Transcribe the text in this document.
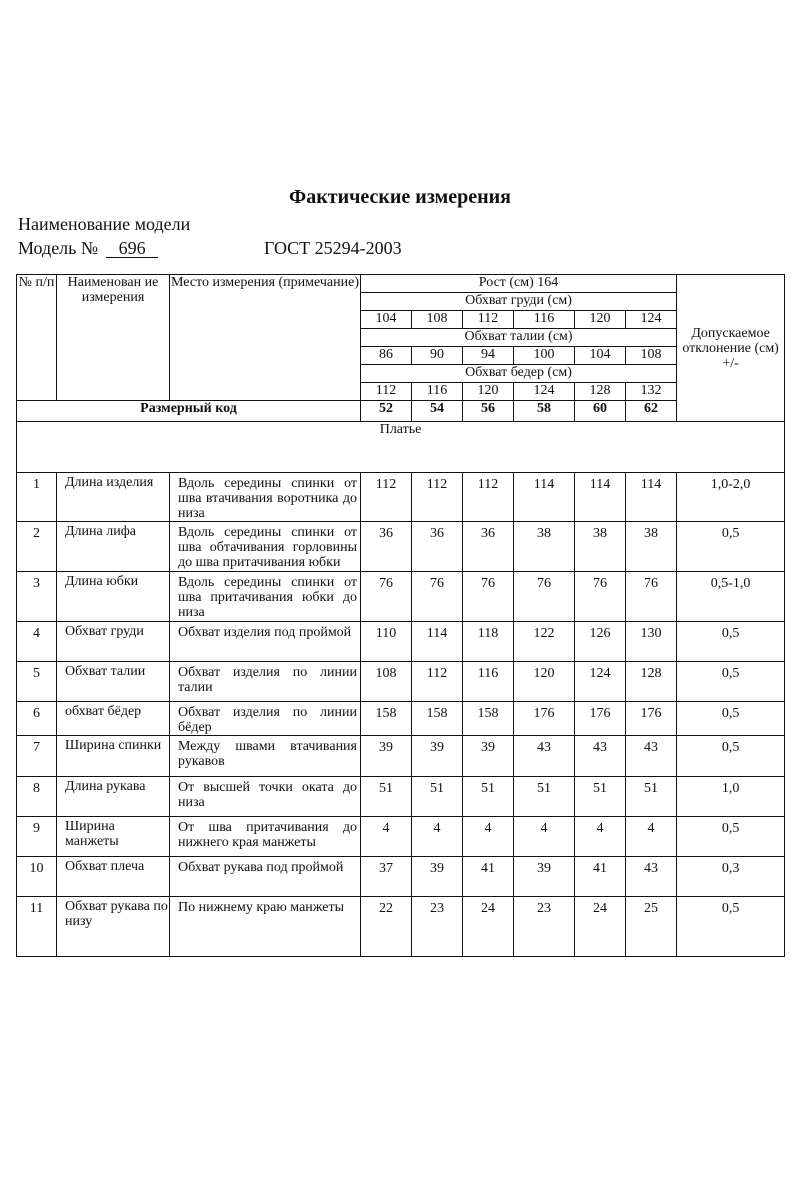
Фактические измерения
Наименование модели
Модель № 696	ГОСТ 25294-2003
№ п/п	Наименован ие измерения	Место измерения (примечание)	Рост (см) 164						Допускаемое отклонение (см) +/-
			Обхват груди (см)						
			104	108	112	116	120	124	
			Обхват талии (см)						
			86	90	94	100	104	108	
			Обхват бедер (см)						
			112	116	120	124	128	132	
Размерный код			52	54	56	58	60	62	
Платье									
1	Длина изделия	Вдоль середины спинки от шва втачивания воротника до низа	112	112	112	114	114	114	1,0-2,0
2	Длина лифа	Вдоль середины спинки от шва обтачивания горловины до шва притачивания юбки	36	36	36	38	38	38	0,5
3	Длина юбки	Вдоль середины спинки от шва притачивания юбки до низа	76	76	76	76	76	76	0,5-1,0
4	Обхват груди	Обхват изделия под проймой	110	114	118	122	126	130	0,5
5	Обхват талии	Обхват изделия по линии талии	108	112	116	120	124	128	0,5
6	обхват бёдер	Обхват изделия по линии бёдер	158	158	158	176	176	176	0,5
7	Ширина спинки	Между швами втачивания рукавов	39	39	39	43	43	43	0,5
8	Длина рукава	От высшей точки оката до низа	51	51	51	51	51	51	1,0
9	Ширина манжеты	От шва притачивания до нижнего края манжеты	4	4	4	4	4	4	0,5
10	Обхват плеча	Обхват рукава под проймой	37	39	41	39	41	43	0,3
11	Обхват рукава по низу	По нижнему краю манжеты	22	23	24	23	24	25	0,5
